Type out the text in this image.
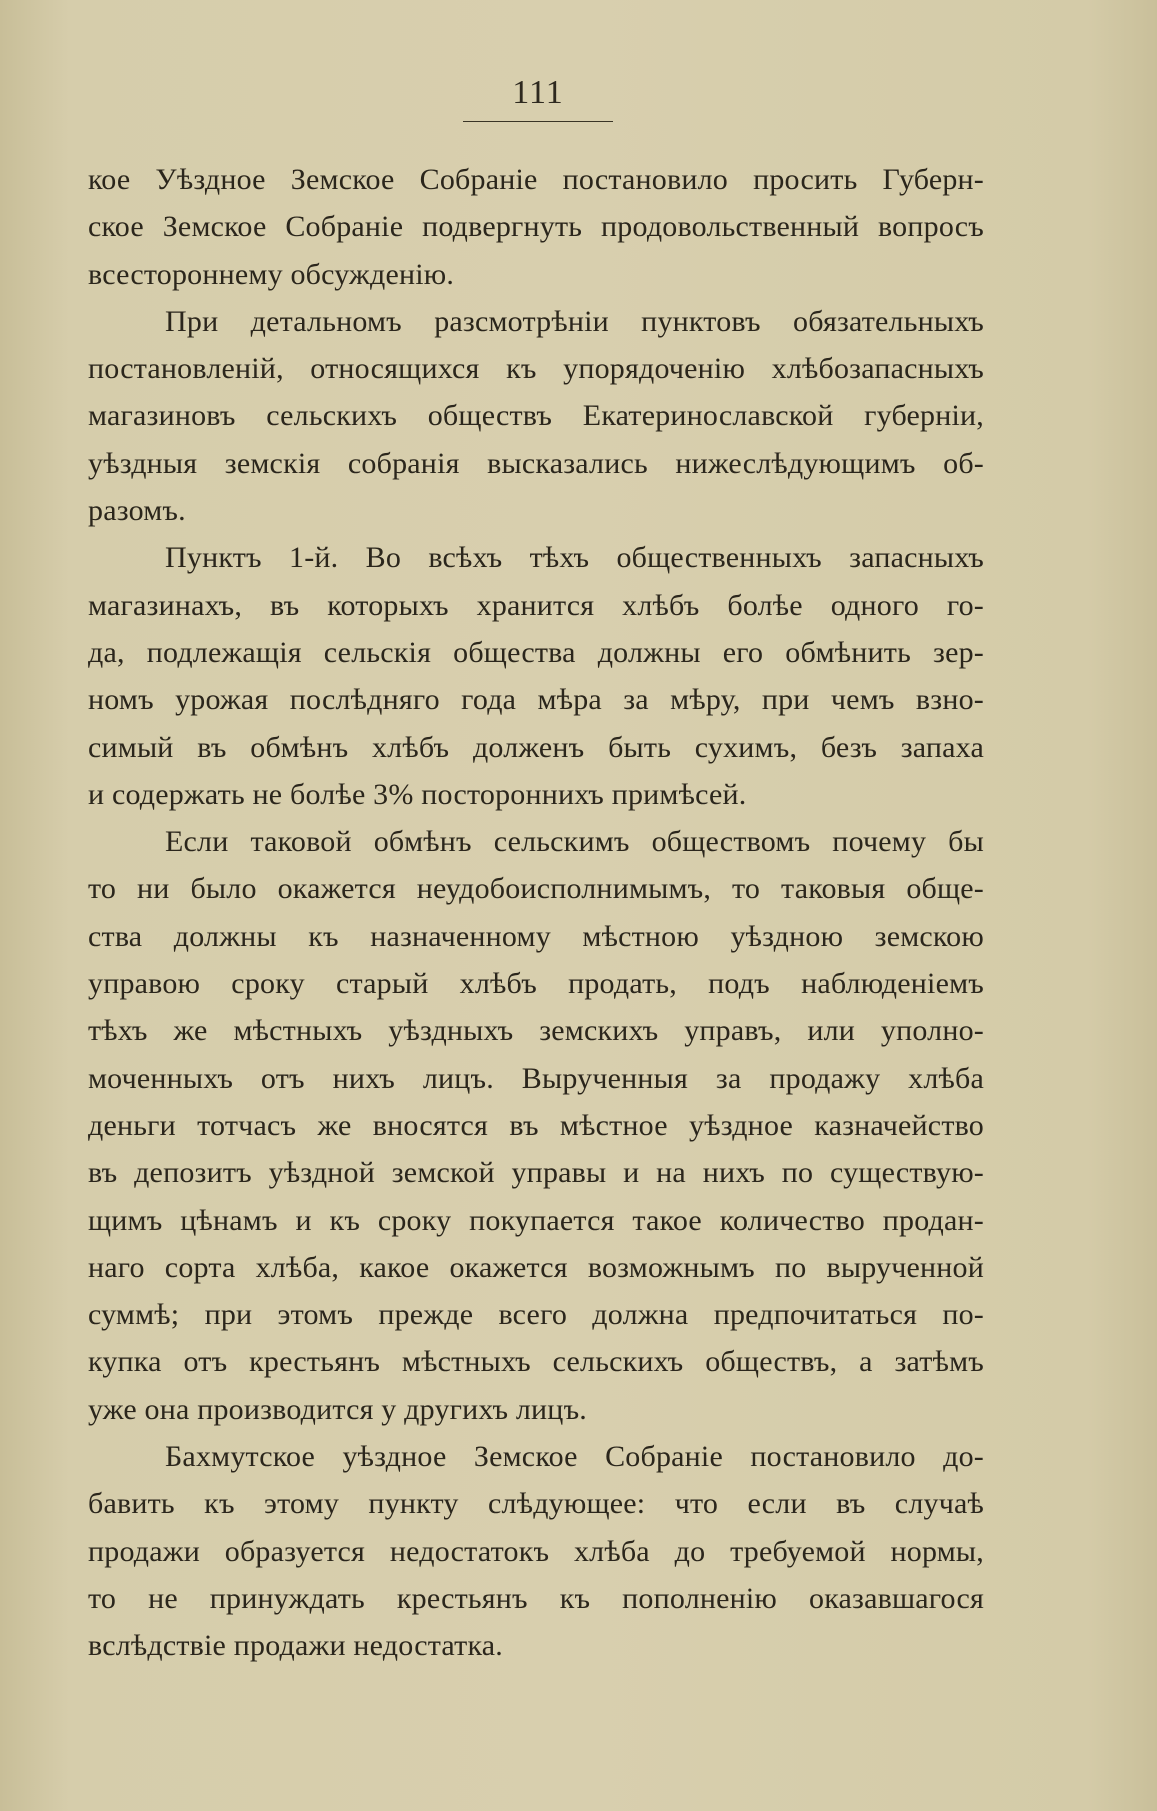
111
кое Уѣздное Земское Собраніе постановило просить Губерн-
ское Земское Собраніе подвергнуть продовольственный вопросъ
всестороннему обсужденію.
При детальномъ разсмотрѣніи пунктовъ обязательныхъ
постановленій, относящихся къ упорядоченію хлѣбозапасныхъ
магазиновъ сельскихъ обществъ Екатеринославской губерніи,
уѣздныя земскія собранія высказались нижеслѣдующимъ об-
разомъ.
Пунктъ 1-й. Во всѣхъ тѣхъ общественныхъ запасныхъ
магазинахъ, въ которыхъ хранится хлѣбъ болѣе одного го-
да, подлежащія сельскія общества должны его обмѣнить зер-
номъ урожая послѣдняго года мѣра за мѣру, при чемъ взно-
симый въ обмѣнъ хлѣбъ долженъ быть сухимъ, безъ запаха
и содержать не болѣе 3% постороннихъ примѣсей.
Если таковой обмѣнъ сельскимъ обществомъ почему бы
то ни было окажется неудобоисполнимымъ, то таковыя обще-
ства должны къ назначенному мѣстною уѣздною земскою
управою сроку старый хлѣбъ продать, подъ наблюденіемъ
тѣхъ же мѣстныхъ уѣздныхъ земскихъ управъ, или уполно-
моченныхъ отъ нихъ лицъ. Вырученныя за продажу хлѣба
деньги тотчасъ же вносятся въ мѣстное уѣздное казначейство
въ депозитъ уѣздной земской управы и на нихъ по существую-
щимъ цѣнамъ и къ сроку покупается такое количество продан-
наго сорта хлѣба, какое окажется возможнымъ по вырученной
суммѣ; при этомъ прежде всего должна предпочитаться по-
купка отъ крестьянъ мѣстныхъ сельскихъ обществъ, а затѣмъ
уже она производится у другихъ лицъ.
Бахмутское уѣздное Земское Собраніе постановило до-
бавить къ этому пункту слѣдующее: что если въ случаѣ
продажи образуется недостатокъ хлѣба до требуемой нормы,
то не принуждать крестьянъ къ пополненію оказавшагося
вслѣдствіе продажи недостатка.
